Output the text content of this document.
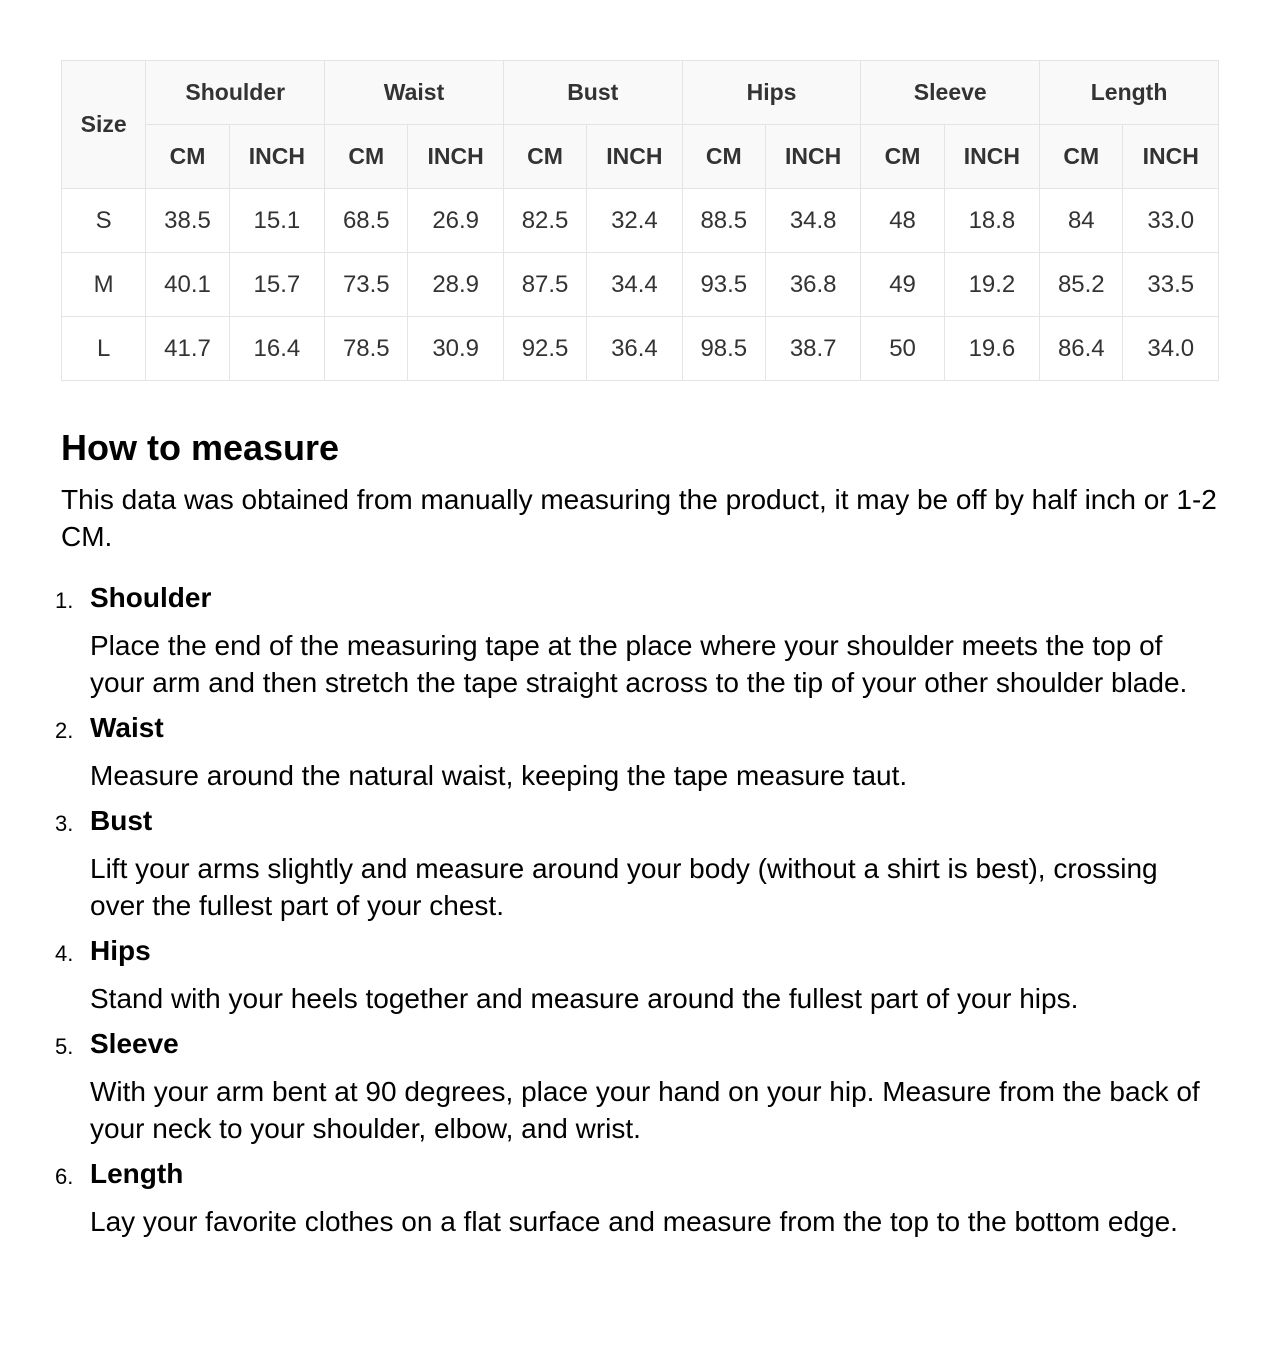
Size	Shoulder		Waist		Bust		Hips		Sleeve		Length	
	CM	INCH	CM	INCH	CM	INCH	CM	INCH	CM	INCH	CM	INCH
S	38.5	15.1	68.5	26.9	82.5	32.4	88.5	34.8	48	18.8	84	33.0
M	40.1	15.7	73.5	28.9	87.5	34.4	93.5	36.8	49	19.2	85.2	33.5
L	41.7	16.4	78.5	30.9	92.5	36.4	98.5	38.7	50	19.6	86.4	34.0
How to measure

This data was obtained from manually measuring the product, it may be off by half inch or 1-2 CM.

1. Shoulder
Place the end of the measuring tape at the place where your shoulder meets the top of your arm and then stretch the tape straight across to the tip of your other shoulder blade.
2. Waist
Measure around the natural waist, keeping the tape measure taut.
3. Bust
Lift your arms slightly and measure around your body (without a shirt is best), crossing over the fullest part of your chest.
4. Hips
Stand with your heels together and measure around the fullest part of your hips.
5. Sleeve
With your arm bent at 90 degrees, place your hand on your hip. Measure from the back of your neck to your shoulder, elbow, and wrist.
6. Length
Lay your favorite clothes on a flat surface and measure from the top to the bottom edge.
